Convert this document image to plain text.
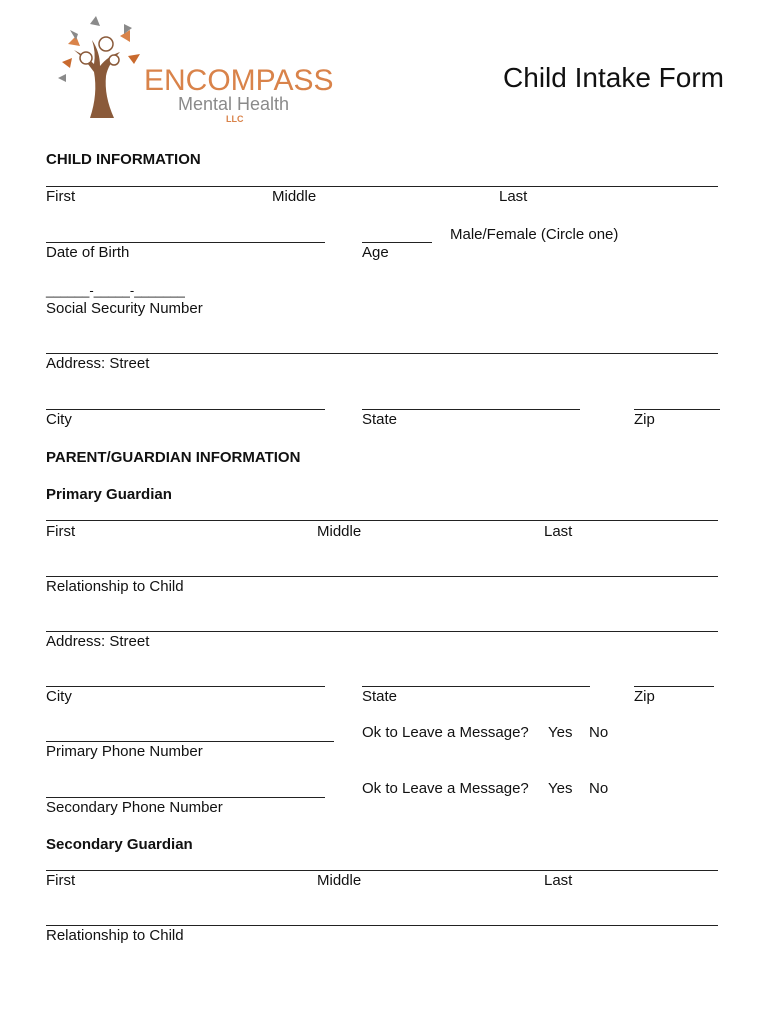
ENCOMPASS
Mental Health
LLC
Child Intake Form
CHILD INFORMATION
First	Middle	Last
Date of Birth	Age
Male/Female (Circle one)
______-_____-_______
Social Security Number
Address: Street
City	State	Zip
PARENT/GUARDIAN INFORMATION
Primary Guardian
First	Middle	Last
Relationship to Child
Address: Street
City	State	Zip
Ok to Leave a Message? Yes No
Primary Phone Number
Ok to Leave a Message? Yes No
Secondary Phone Number
Secondary Guardian
First	Middle	Last
Relationship to Child
